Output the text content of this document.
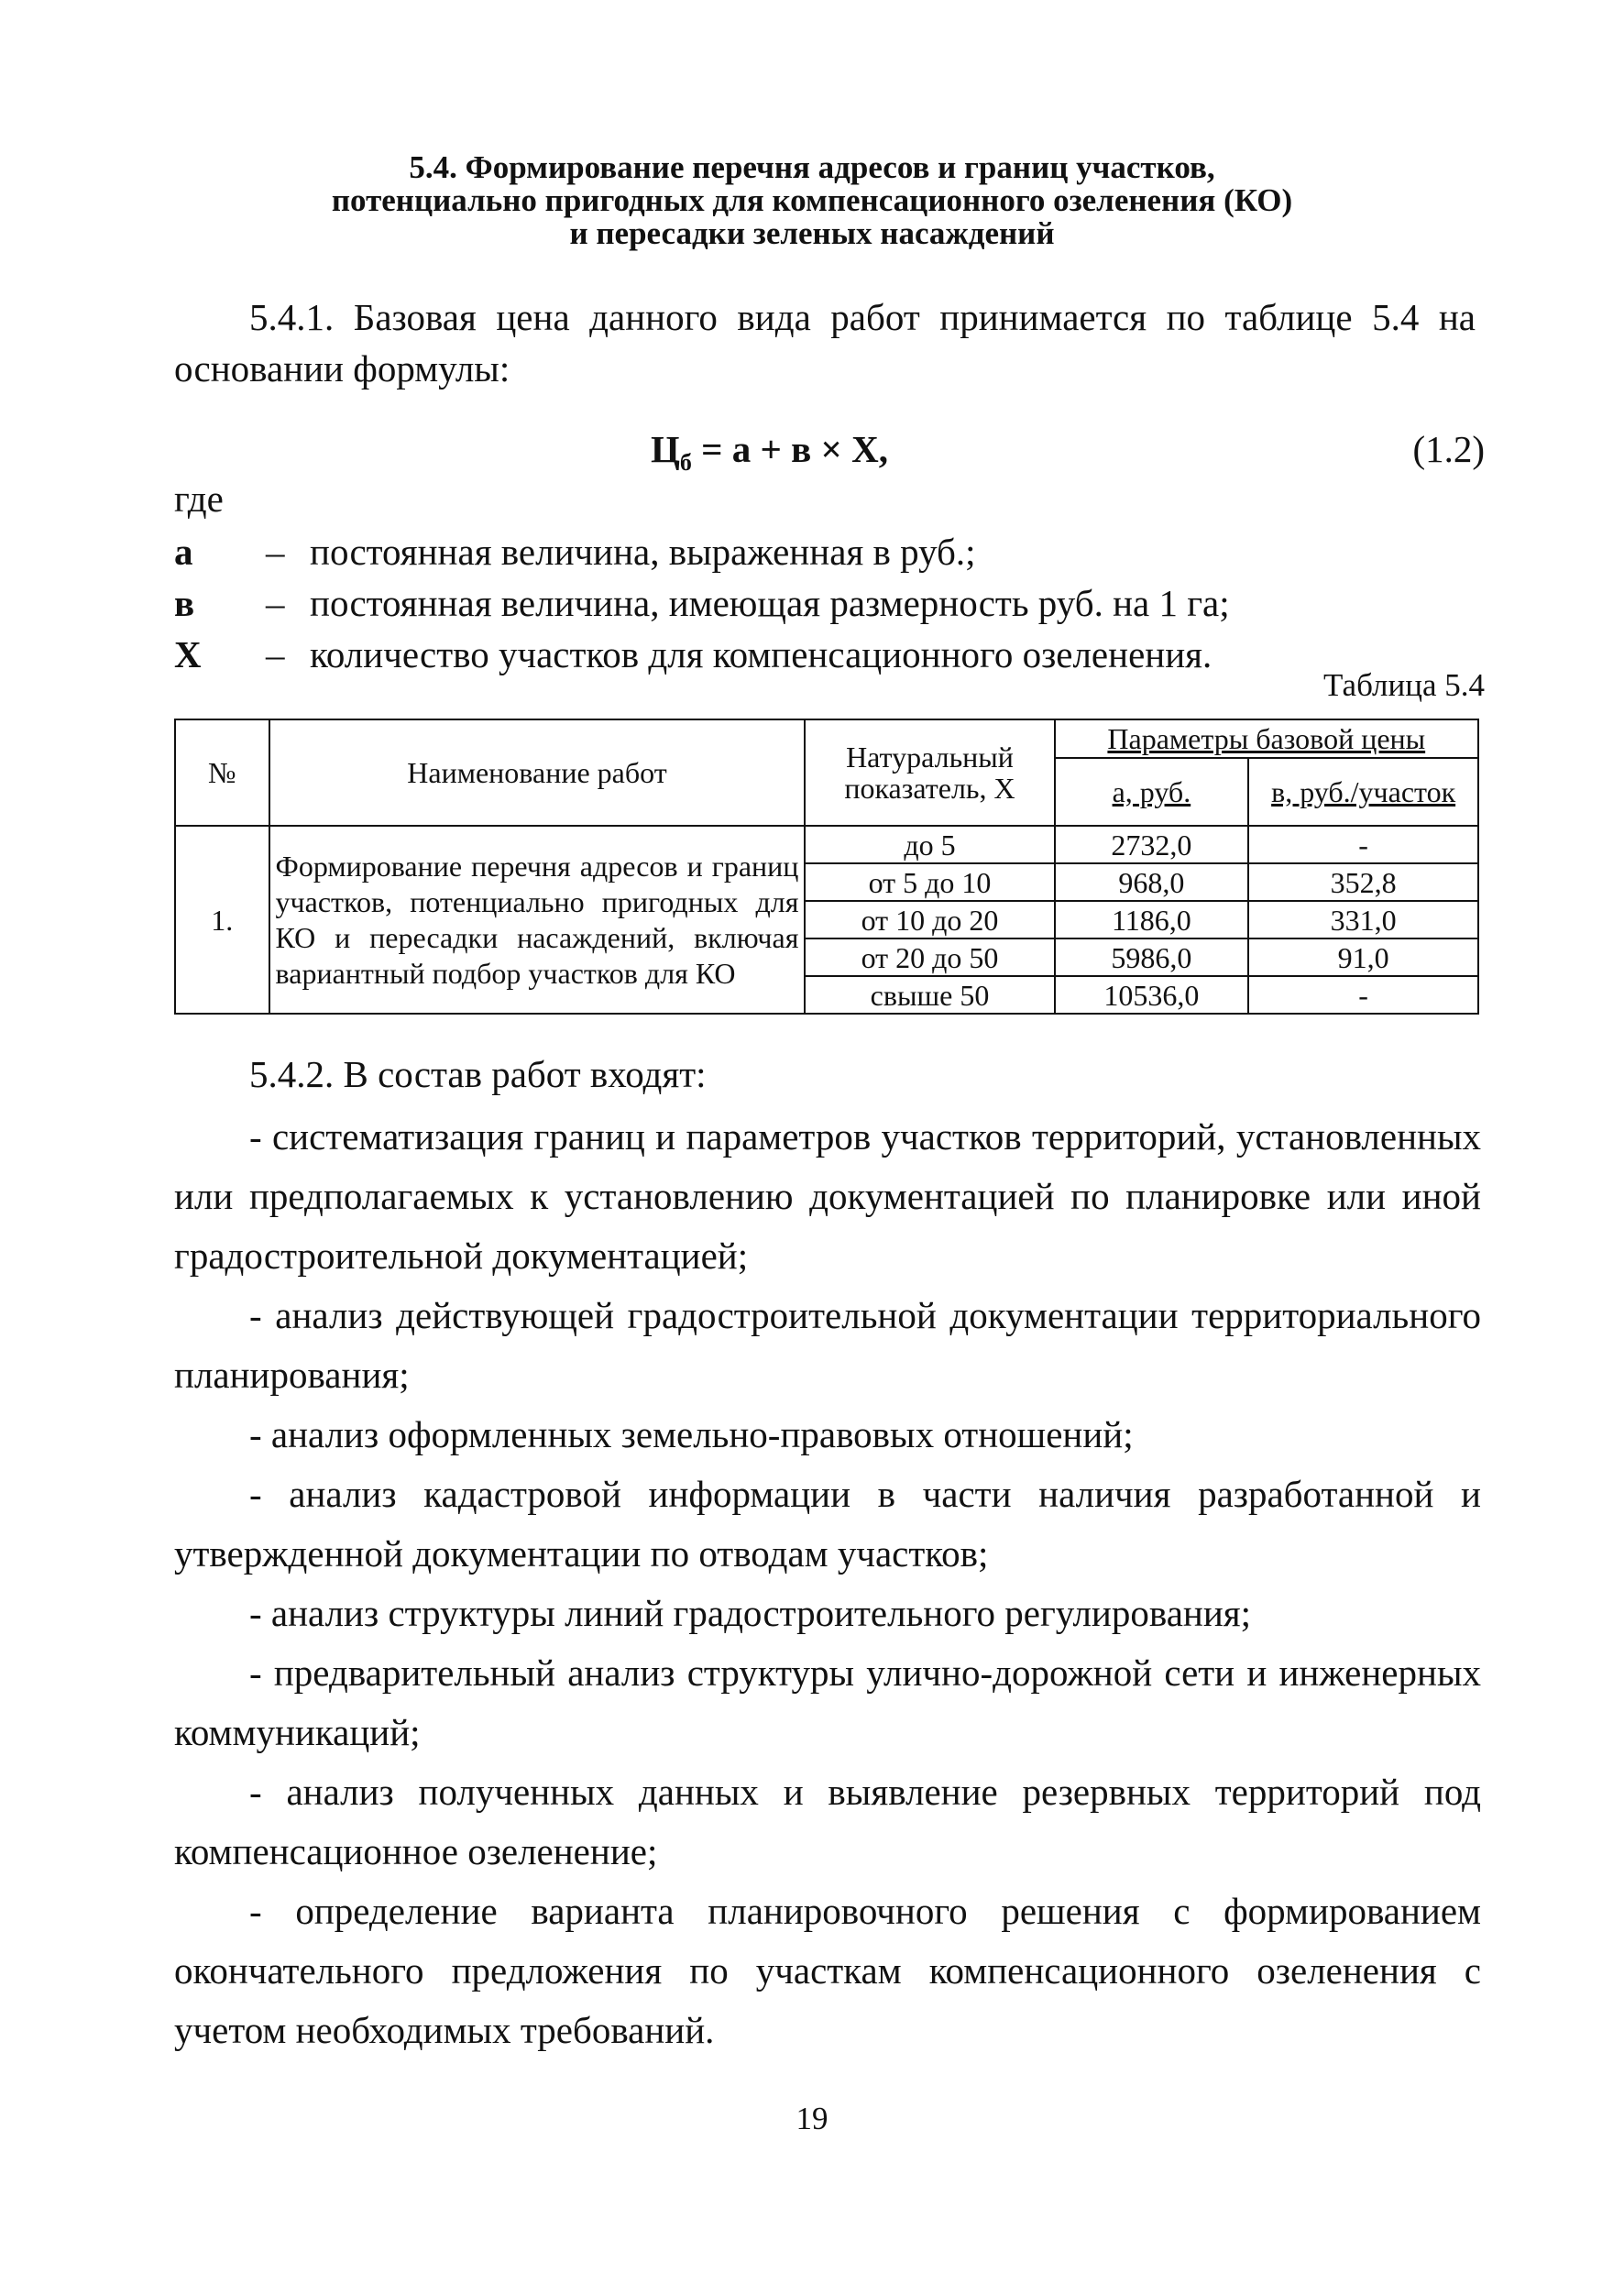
5.4. Формирование перечня адресов и границ участков,
потенциально пригодных для компенсационного озеленения (КО)
и пересадки зеленых насаждений
5.4.1. Базовая цена данного вида работ принимается по таблице 5.4 на основании формулы:
$Ц_б = а + в \times Х$,	(1.2)
где
а	– постоянная величина, выраженная в руб.;
в	– постоянная величина, имеющая размерность руб. на 1 га;
Х	– количество участков для компенсационного озеленения.
Таблица 5.4
№	Наименование работ	Натуральный показатель, Х	Параметры базовой цены	
			а, руб.	в, руб./участок
1.	Формирование перечня адресов и границ участков, потенциально пригодных для КО и пересадки насаждений, включая вариантный подбор участков для КО	до 5	2732,0	-
		от 5 до 10	968,0	352,8
		от 10 до 20	1186,0	331,0
		от 20 до 50	5986,0	91,0
		свыше 50	10536,0	-

5.4.2. В состав работ входят:

- систематизация границ и параметров участков территорий, установленных или предполагаемых к установлению документацией по планировке или иной градостроительной документацией;

- анализ действующей градостроительной документации территориального планирования;

- анализ оформленных земельно-правовых отношений;

- анализ кадастровой информации в части наличия разработанной и утвержденной документации по отводам участков;

- анализ структуры линий градостроительного регулирования;

- предварительный анализ структуры улично-дорожной сети и инженерных коммуникаций;

- анализ полученных данных и выявление резервных территорий под компенсационное озеленение;

- определение варианта планировочного решения с формированием окончательного предложения по участкам компенсационного озеленения с учетом необходимых требований.

19
